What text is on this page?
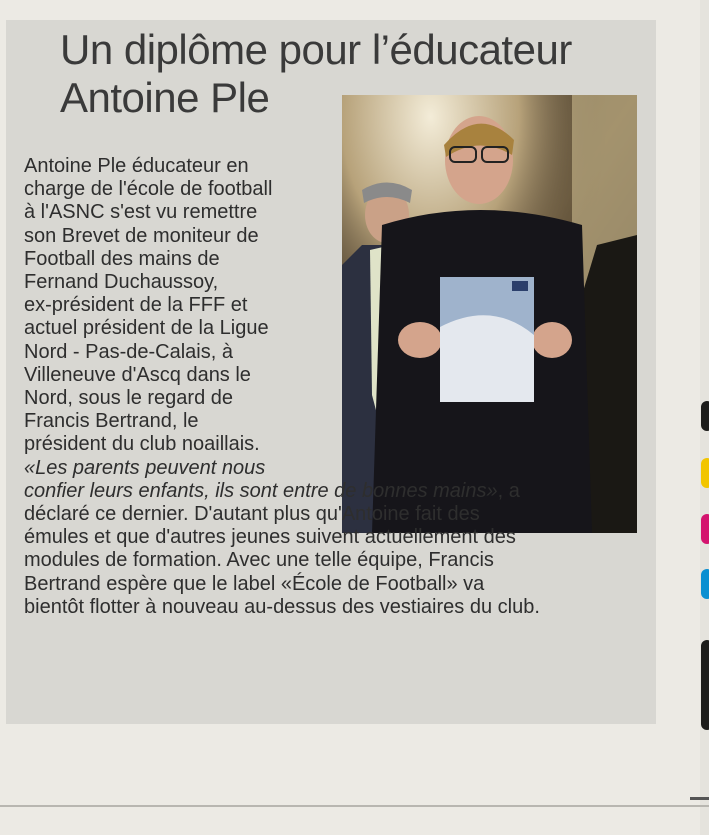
Un diplôme pour l’éducateur
Antoine Ple
Antoine Ple éducateur en
charge de l'école de football
à l'ASNC s'est vu remettre
son Brevet de moniteur de
Football des mains de
Fernand Duchaussoy,
ex-président de la FFF et
actuel président de la Ligue
Nord - Pas-de-Calais, à
Villeneuve d'Ascq dans le
Nord, sous le regard de
Francis Bertrand, le
président du club noaillais.
«Les parents peuvent nous
confier leurs enfants, ils sont entre de bonnes mains», a
déclaré ce dernier. D'autant plus qu'Antoine fait des
émules et que d'autres jeunes suivent actuellement des
modules de formation. Avec une telle équipe, Francis
Bertrand espère que le label «École de Football» va
bientôt flotter à nouveau au-dessus des vestiaires du club.
